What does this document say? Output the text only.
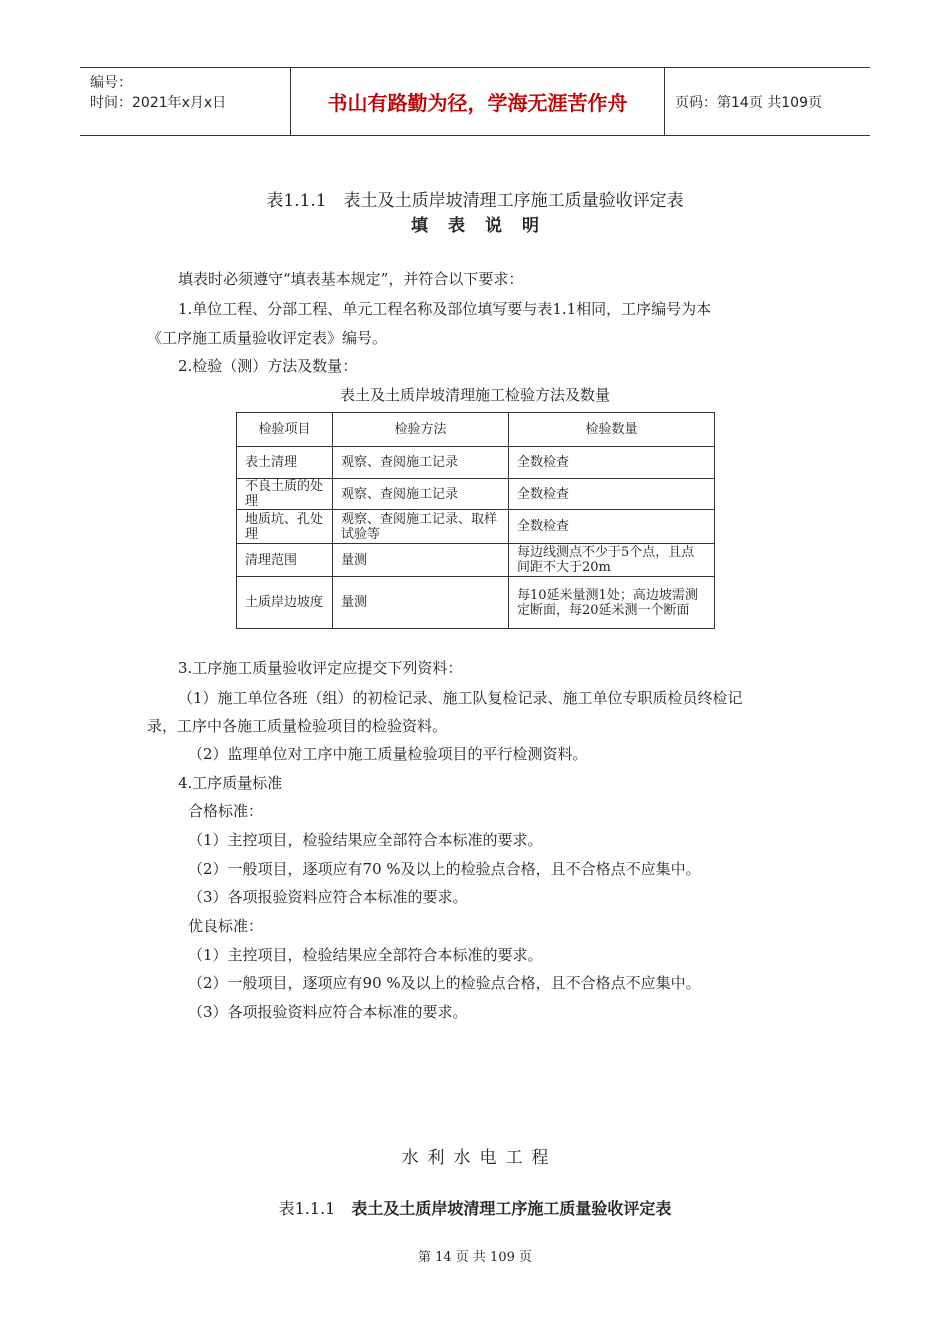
编号：
时间：2021年x月x日	书山有路勤为径，学海无涯苦作舟	页码：第14页 共109页
表1.1.1　表土及土质岸坡清理工序施工质量验收评定表
填表说明
填表时必须遵守“填表基本规定”，并符合以下要求：
1.单位工程、分部工程、单元工程名称及部位填写要与表1.1相同，工序编号为本
《工序施工质量验收评定表》编号。
2.检验（测）方法及数量：
表土及土质岸坡清理施工检验方法及数量
检验项目	检验方法	检验数量
表土清理	观察、查阅施工记录	全数检查
不良土质的处理	观察、查阅施工记录	全数检查
地质坑、孔处理	观察、查阅施工记录、取样试验等	全数检查
清理范围	量测	每边线测点不少于5个点，且点间距不大于20m
土质岸边坡度	量测	每10延米量测1处；高边坡需测定断面，每20延米测一个断面
3.工序施工质量验收评定应提交下列资料：
（1）施工单位各班（组）的初检记录、施工队复检记录、施工单位专职质检员终检记
录，工序中各施工质量检验项目的检验资料。
（2）监理单位对工序中施工质量检验项目的平行检测资料。
4.工序质量标准
合格标准：
（1）主控项目，检验结果应全部符合本标准的要求。
（2）一般项目，逐项应有70 %及以上的检验点合格，且不合格点不应集中。
（3）各项报验资料应符合本标准的要求。
优良标准：
（1）主控项目，检验结果应全部符合本标准的要求。
（2）一般项目，逐项应有90 %及以上的检验点合格，且不合格点不应集中。
（3）各项报验资料应符合本标准的要求。
水利水电工程
表1.1.1　表土及土质岸坡清理工序施工质量验收评定表
第 14 页 共 109 页
